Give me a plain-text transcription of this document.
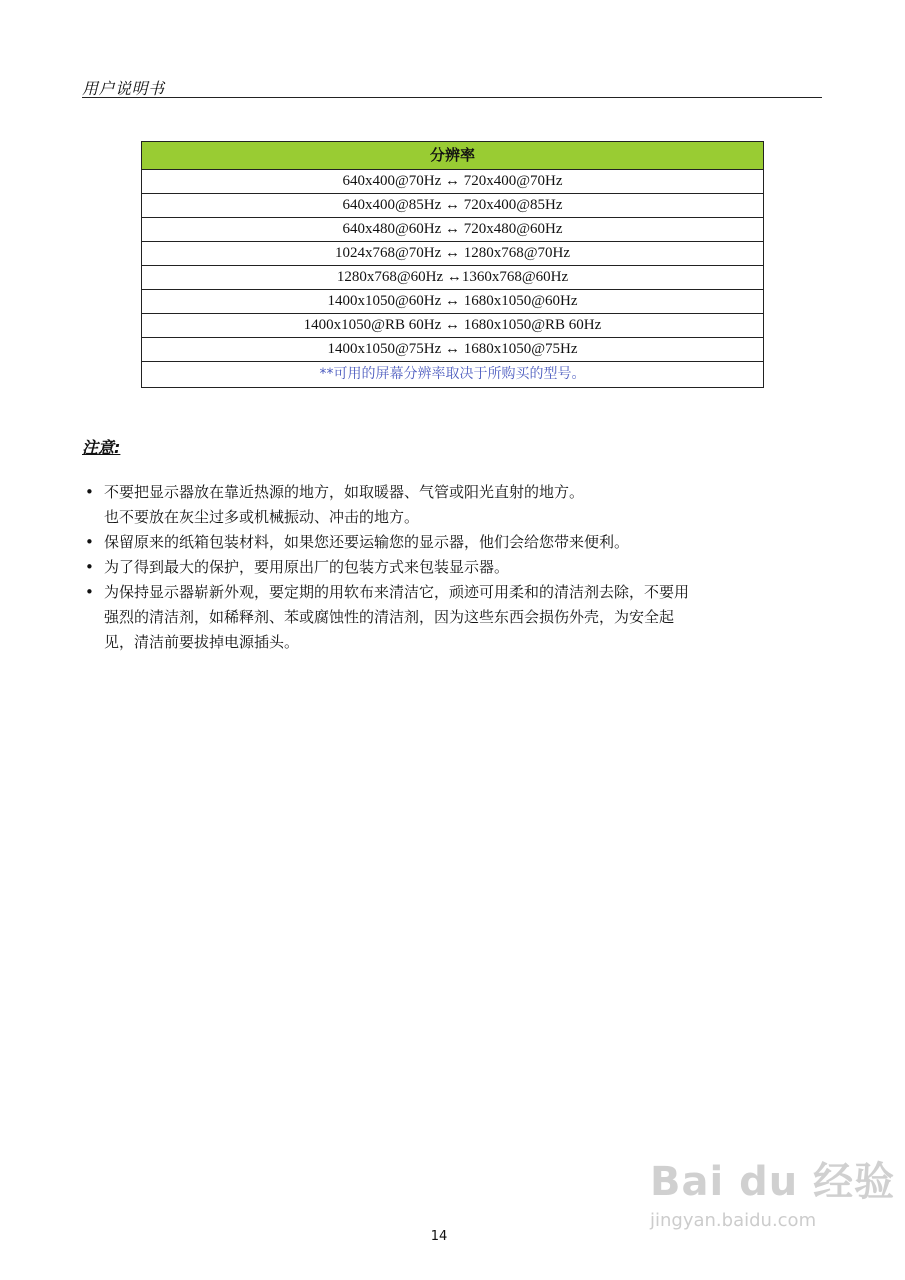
用户说明书
分辨率
640x400@70Hz ↔ 720x400@70Hz
640x400@85Hz ↔ 720x400@85Hz
640x480@60Hz ↔ 720x480@60Hz
1024x768@70Hz ↔ 1280x768@70Hz
1280x768@60Hz ↔1360x768@60Hz
1400x1050@60Hz ↔ 1680x1050@60Hz
1400x1050@RB 60Hz ↔ 1680x1050@RB 60Hz
1400x1050@75Hz ↔ 1680x1050@75Hz
**可用的屏幕分辨率取决于所购买的型号。
注意:
• 不要把显示器放在靠近热源的地方，如取暖器、气管或阳光直射的地方。
也不要放在灰尘过多或机械振动、冲击的地方。
• 保留原来的纸箱包装材料，如果您还要运输您的显示器，他们会给您带来便利。
• 为了得到最大的保护，要用原出厂的包装方式来包装显示器。
• 为保持显示器崭新外观，要定期的用软布来清洁它，顽迹可用柔和的清洁剂去除，不要用
强烈的清洁剂，如稀释剂、苯或腐蚀性的清洁剂，因为这些东西会损伤外壳，为安全起
见，清洁前要拔掉电源插头。
Bai du 经验
jingyan.baidu.com
14
